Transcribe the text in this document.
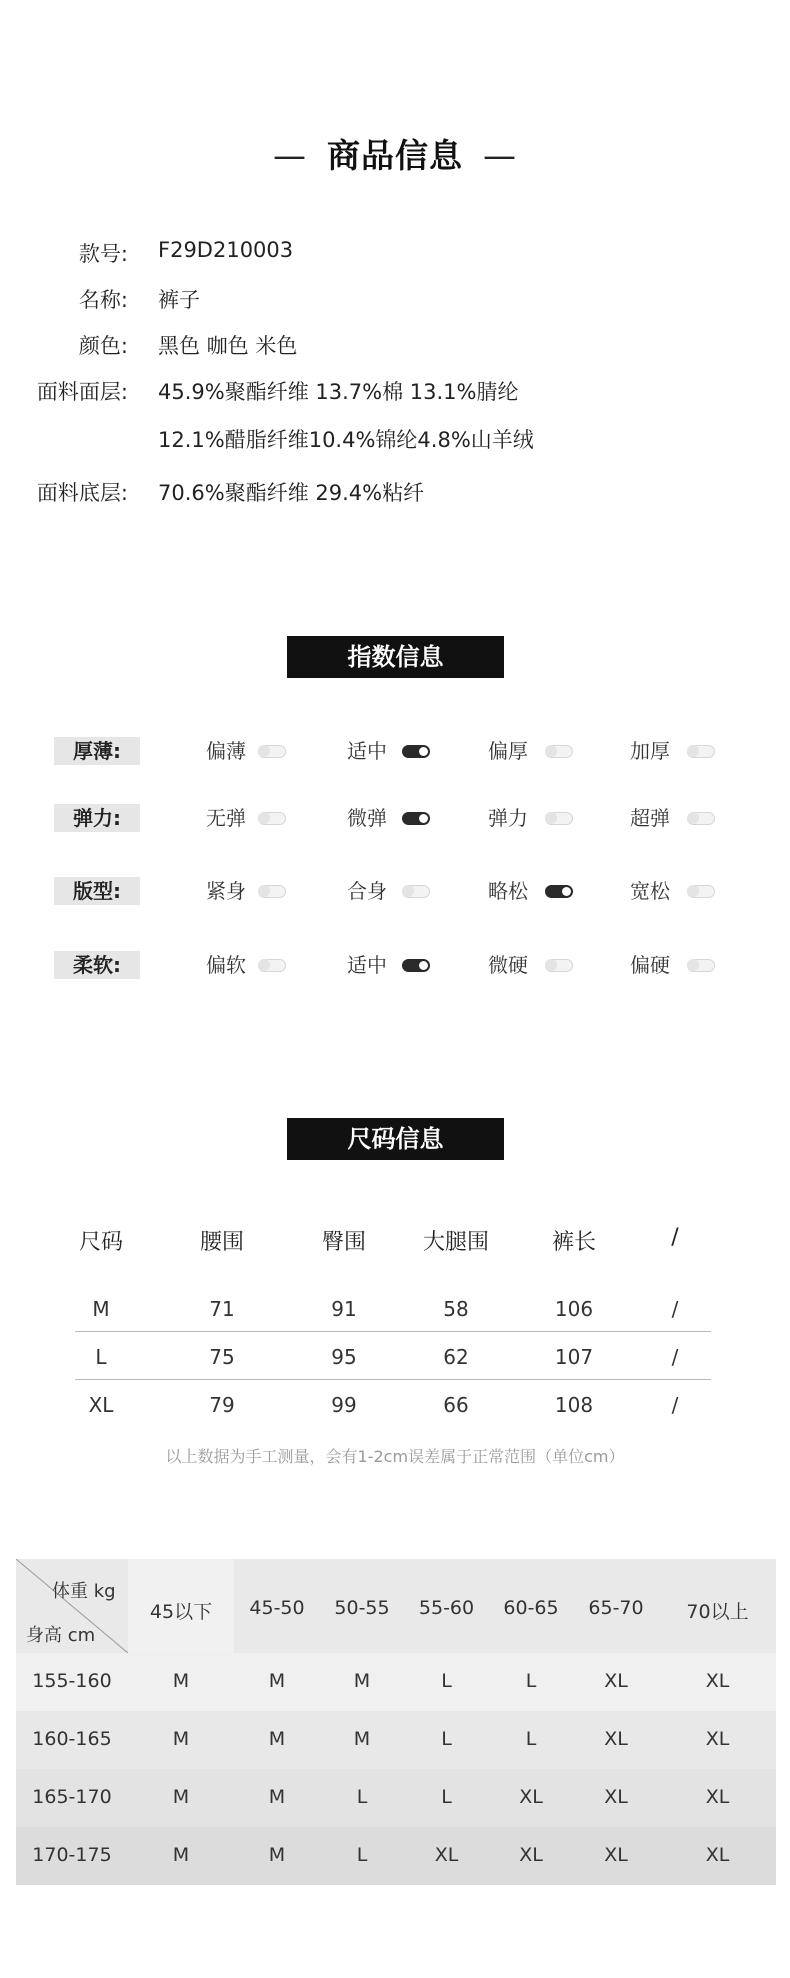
— 商品信息 —
款号: F29D210003
名称: 裤子
颜色: 黑色 咖色 米色
面料面层: 45.9%聚酯纤维 13.7%棉 13.1%腈纶
12.1%醋脂纤维10.4%锦纶4.8%山羊绒
面料底层: 70.6%聚酯纤维 29.4%粘纤
指数信息
厚薄:	偏薄	适中	偏厚	加厚
弹力:	无弹	微弹	弹力	超弹
版型:	紧身	合身	略松	宽松
柔软:	偏软	适中	微硬	偏硬
尺码信息
尺码	腰围	臀围	大腿围	裤长	/
M	71	91	58	106	/
L	75	95	62	107	/
XL	79	99	66	108	/
以上数据为手工测量，会有1-2cm误差属于正常范围（单位cm）
体重 kg
身高 cm
45以下	45-50	50-55	55-60	60-65	65-70	70以上
155-160	M	M	M	L	L	XL	XL
160-165	M	M	M	L	L	XL	XL
165-170	M	M	L	L	XL	XL	XL
170-175	M	M	L	XL	XL	XL	XL
